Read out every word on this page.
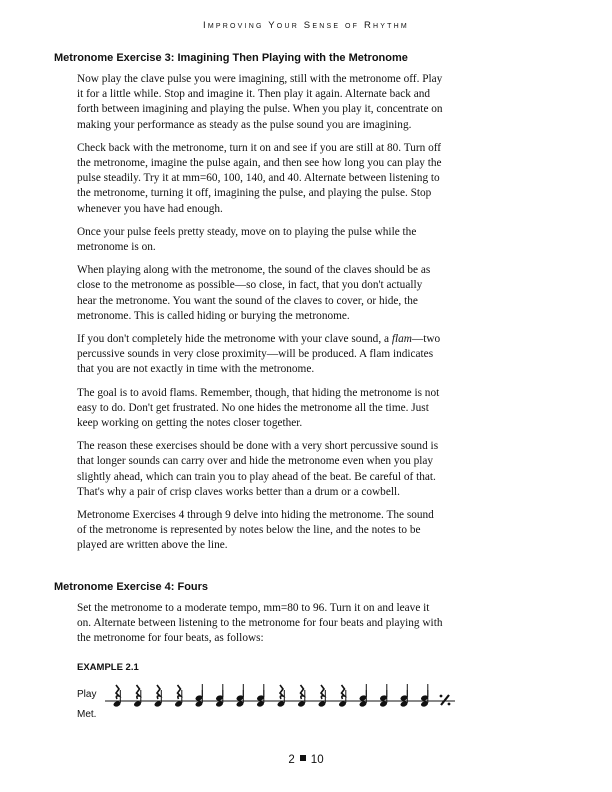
Improving Your Sense of Rhythm
Metronome Exercise 3: Imagining Then Playing with the Metronome

Now play the clave pulse you were imagining, still with the metronome off. Play it for a little while. Stop and imagine it. Then play it again. Alternate back and forth between imagining and playing the pulse. When you play it, concentrate on making your performance as steady as the pulse sound you are imagining.

Check back with the metronome, turn it on and see if you are still at 80. Turn off the metronome, imagine the pulse again, and then see how long you can play the pulse steadily. Try it at mm=60, 100, 140, and 40. Alternate between listening to the metronome, turning it off, imagining the pulse, and playing the pulse. Stop whenever you have had enough.

Once your pulse feels pretty steady, move on to playing the pulse while the metronome is on.

When playing along with the metronome, the sound of the claves should be as close to the metronome as possible—so close, in fact, that you don't actually hear the metronome. You want the sound of the claves to cover, or hide, the metronome. This is called hiding or burying the metronome.

If you don't completely hide the metronome with your clave sound, a flam—two percussive sounds in very close proximity—will be produced. A flam indicates that you are not exactly in time with the metronome.

The goal is to avoid flams. Remember, though, that hiding the metronome is not easy to do. Don't get frustrated. No one hides the metronome all the time. Just keep working on getting the notes closer together.

The reason these exercises should be done with a very short percussive sound is that longer sounds can carry over and hide the metronome even when you play slightly ahead, which can train you to play ahead of the beat. Be careful of that. That's why a pair of crisp claves works better than a drum or a cowbell.

Metronome Exercises 4 through 9 delve into hiding the metronome. The sound of the metronome is represented by notes below the line, and the notes to be played are written above the line.

Metronome Exercise 4: Fours

Set the metronome to a moderate tempo, mm=80 to 96. Turn it on and leave it on. Alternate between listening to the metronome for four beats and playing with the metronome for four beats, as follows:

EXAMPLE 2.1
Play
Met.
2 10
